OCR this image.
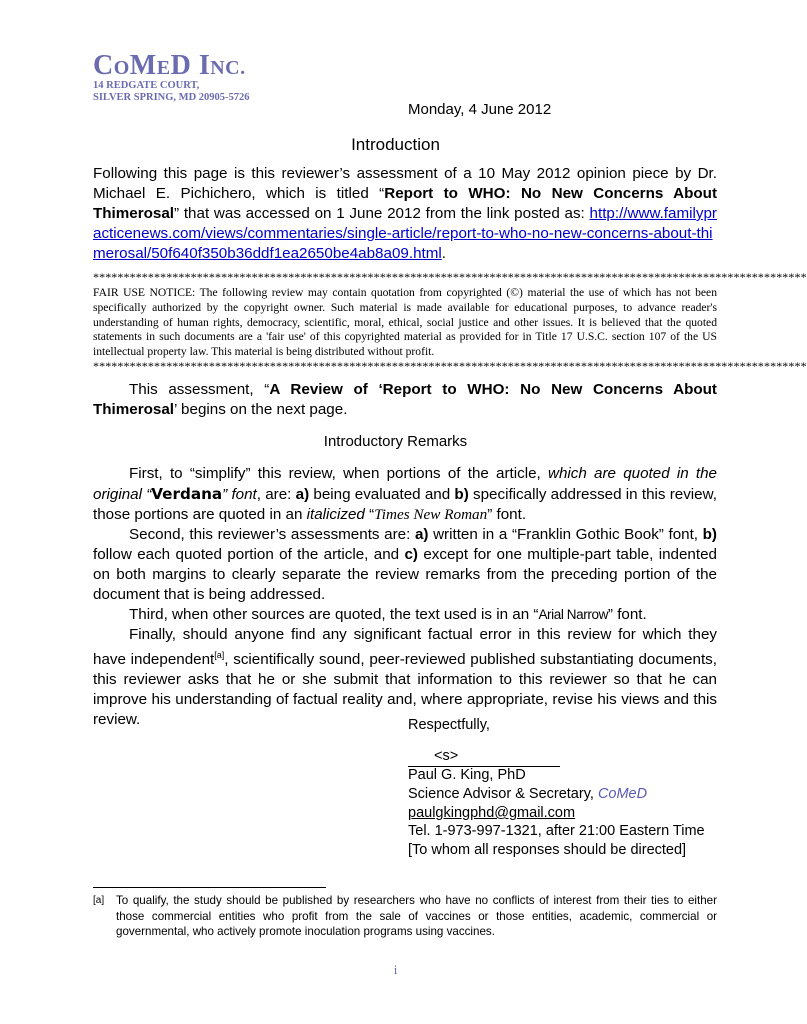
COMED INC.
14 REDGATE COURT,
SILVER SPRING, MD 20905-5726
Monday, 4 June 2012
Introduction
Following this page is this reviewer’s assessment of a 10 May 2012 opinion piece by Dr. Michael E. Pichichero, which is titled “Report to WHO: No New Concerns About Thimerosal” that was accessed on 1 June 2012 from the link posted as: http://www.familypracticenews.com/views/commentaries/single-article/report-to-who-no-new-concerns-about-thimerosal/50f640f350b36ddf1ea2650be4ab8a09.html.
*********************************************************************************************************************
FAIR USE NOTICE: The following review may contain quotation from copyrighted (©) material the use of which has not been specifically authorized by the copyright owner. Such material is made available for educational purposes, to advance reader's understanding of human rights, democracy, scientific, moral, ethical, social justice and other issues. It is believed that the quoted statements in such documents are a 'fair use' of this copyrighted material as provided for in Title 17 U.S.C. section 107 of the US intellectual property law. This material is being distributed without profit.
*********************************************************************************************************************
This assessment, “A Review of ‘Report to WHO: No New Concerns About Thimerosal’ begins on the next page.
Introductory Remarks
First, to “simplify” this review, when portions of the article, which are quoted in the original “Verdana” font, are: a) being evaluated and b) specifically addressed in this review, those portions are quoted in an italicized “Times New Roman” font.
Second, this reviewer’s assessments are: a) written in a “Franklin Gothic Book” font, b) follow each quoted portion of the article, and c) except for one multiple-part table, indented on both margins to clearly separate the review remarks from the preceding portion of the document that is being addressed.
Third, when other sources are quoted, the text used is in an “Arial Narrow” font.
Finally, should anyone find any significant factual error in this review for which they have independent[a], scientifically sound, peer-reviewed published substantiating documents, this reviewer asks that he or she submit that information to this reviewer so that he can improve his understanding of factual reality and, where appropriate, revise his views and this review.	Respectfully,
<s>
Paul G. King, PhD
Science Advisor & Secretary, CoMeD
paulgkingphd@gmail.com
Tel. 1-973-997-1321, after 21:00 Eastern Time
[To whom all responses should be directed]
[a] To qualify, the study should be published by researchers who have no conflicts of interest from their ties to either those commercial entities who profit from the sale of vaccines or those entities, academic, commercial or governmental, who actively promote inoculation programs using vaccines.
i
